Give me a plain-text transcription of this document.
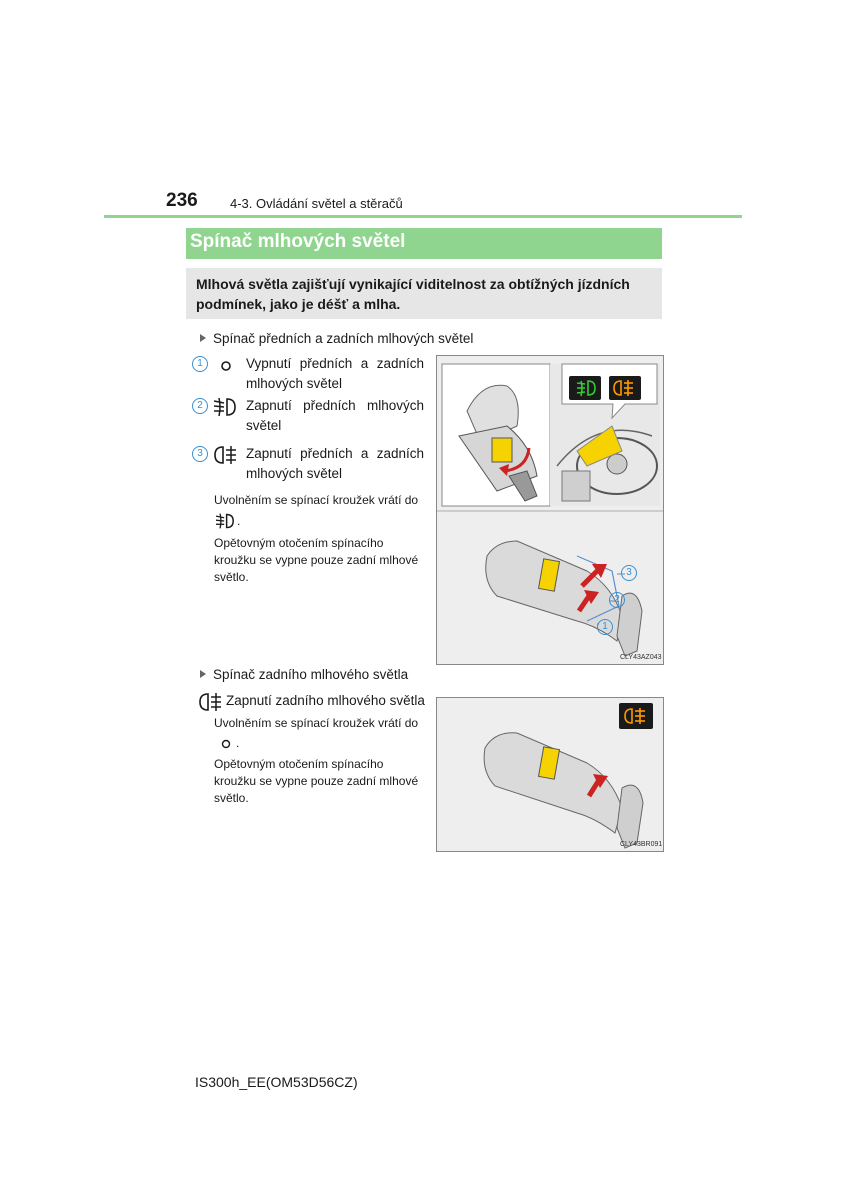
236 4-3. Ovládání světel a stěračů
Spínač mlhových světel
Mlhová světla zajišťují vynikající viditelnost za obtížných jízdních podmínek, jako je déšť a mlha.
Spínač předních a zadních mlhových světel
1	Vypnutí předních a zadních mlhových světel
2	Zapnutí předních mlhových světel
3	Zapnutí předních a zadních mlhových světel
Uvolněním se spínací kroužek vrátí do
.
Opětovným otočením spínacího kroužku se vypne pouze zadní mlhové světlo.	3
2
1
CLY43AZ043
Spínač zadního mlhového světla
Zapnutí zadního mlhového světla
Uvolněním se spínací kroužek vrátí do
.
Opětovným otočením spínacího kroužku se vypne pouze zadní mlhové světlo.
CLY43BR091
IS300h_EE(OM53D56CZ)
